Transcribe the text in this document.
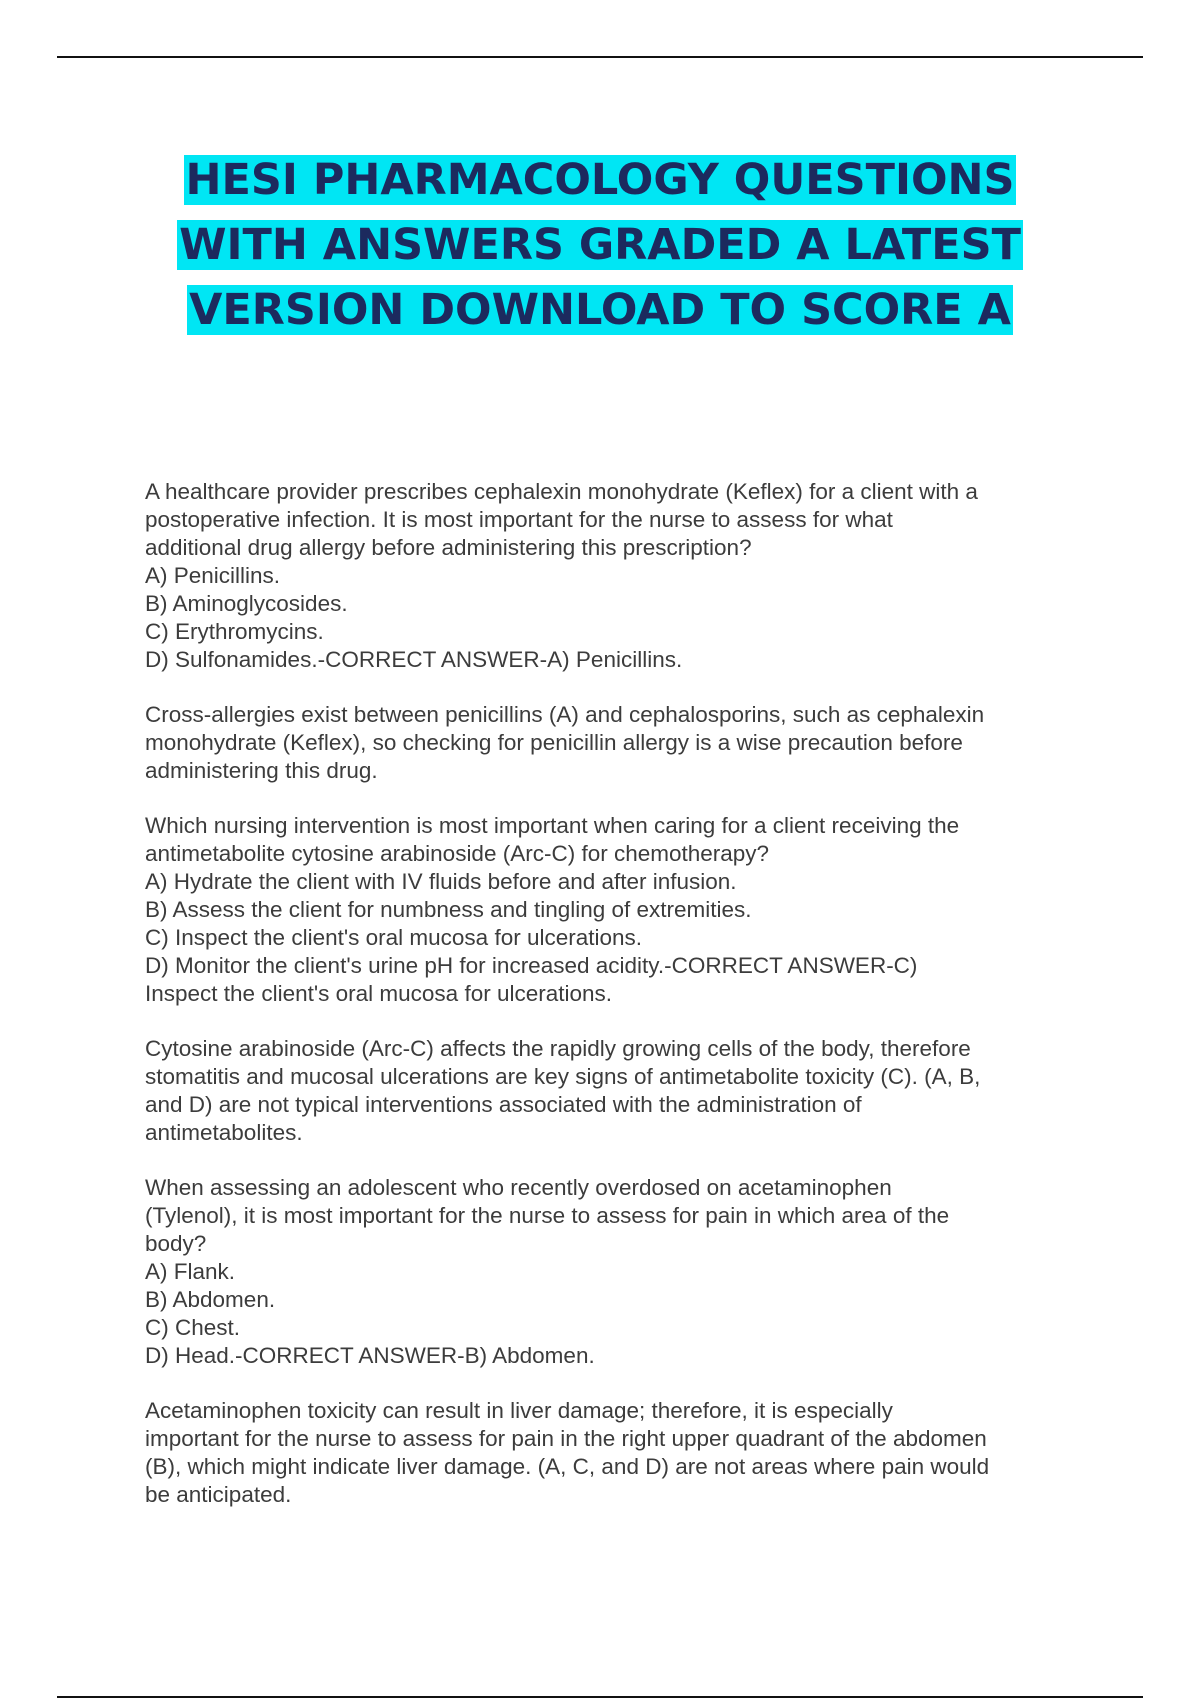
HESI PHARMACOLOGY QUESTIONS
WITH ANSWERS GRADED A LATEST
VERSION DOWNLOAD TO SCORE A
A healthcare provider prescribes cephalexin monohydrate (Keflex) for a client with a
postoperative infection. It is most important for the nurse to assess for what
additional drug allergy before administering this prescription?
A) Penicillins.
B) Aminoglycosides.
C) Erythromycins.
D) Sulfonamides.-CORRECT ANSWER-A) Penicillins.
Cross-allergies exist between penicillins (A) and cephalosporins, such as cephalexin
monohydrate (Keflex), so checking for penicillin allergy is a wise precaution before
administering this drug.
Which nursing intervention is most important when caring for a client receiving the
antimetabolite cytosine arabinoside (Arc-C) for chemotherapy?
A) Hydrate the client with IV fluids before and after infusion.
B) Assess the client for numbness and tingling of extremities.
C) Inspect the client's oral mucosa for ulcerations.
D) Monitor the client's urine pH for increased acidity.-CORRECT ANSWER-C)
Inspect the client's oral mucosa for ulcerations.
Cytosine arabinoside (Arc-C) affects the rapidly growing cells of the body, therefore
stomatitis and mucosal ulcerations are key signs of antimetabolite toxicity (C). (A, B,
and D) are not typical interventions associated with the administration of
antimetabolites.
When assessing an adolescent who recently overdosed on acetaminophen
(Tylenol), it is most important for the nurse to assess for pain in which area of the
body?
A) Flank.
B) Abdomen.
C) Chest.
D) Head.-CORRECT ANSWER-B) Abdomen.
Acetaminophen toxicity can result in liver damage; therefore, it is especially
important for the nurse to assess for pain in the right upper quadrant of the abdomen
(B), which might indicate liver damage. (A, C, and D) are not areas where pain would
be anticipated.
